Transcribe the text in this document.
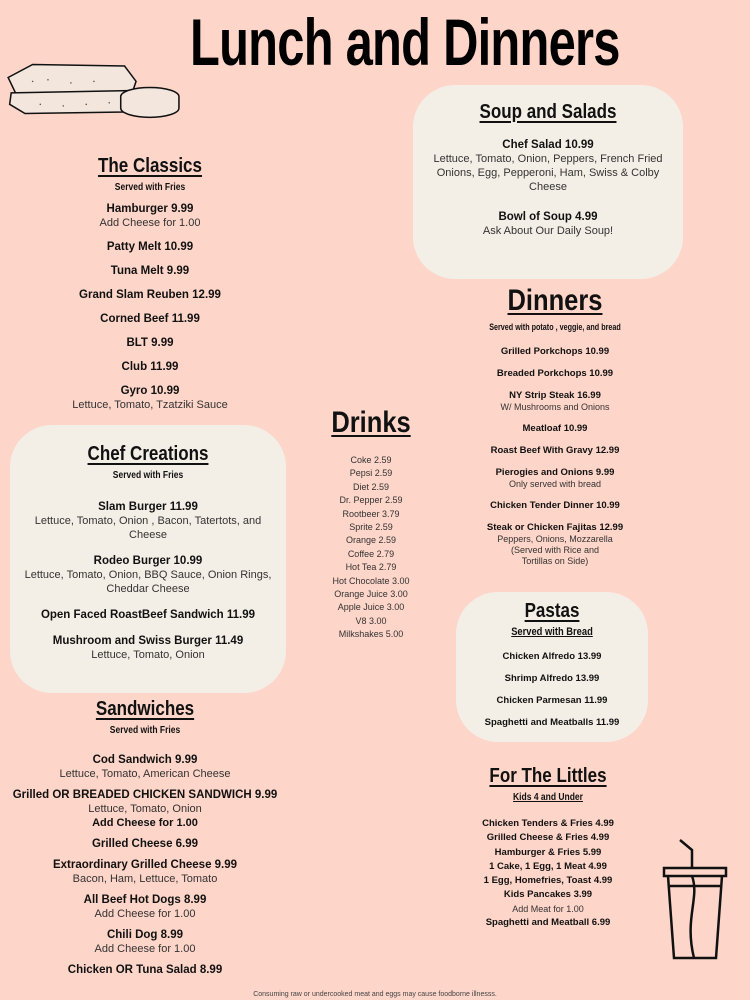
Lunch and Dinners
The Classics
Served with Fries
Hamburger 9.99
Add Cheese for 1.00
Patty Melt 10.99
Tuna Melt 9.99
Grand Slam Reuben 12.99
Corned Beef 11.99
BLT 9.99
Club 11.99
Gyro 10.99
Lettuce, Tomato, Tzatziki Sauce
Chef Creations
Served with Fries
Slam Burger 11.99
Lettuce, Tomato, Onion , Bacon, Tatertots, and Cheese
Rodeo Burger 10.99
Lettuce, Tomato, Onion, BBQ Sauce, Onion Rings, Cheddar Cheese
Open Faced RoastBeef Sandwich 11.99
Mushroom and Swiss Burger 11.49
Lettuce, Tomato, Onion
Sandwiches
Served with Fries
Cod Sandwich 9.99
Lettuce, Tomato, American Cheese
Grilled OR BREADED CHICKEN SANDWICH 9.99
Lettuce, Tomato, Onion
Add Cheese for 1.00
Grilled Cheese 6.99
Extraordinary Grilled Cheese 9.99
Bacon, Ham, Lettuce, Tomato
All Beef Hot Dogs 8.99
Add Cheese for 1.00
Chili Dog 8.99
Add Cheese for 1.00
Chicken OR Tuna Salad 8.99
Drinks
Coke 2.59
Pepsi 2.59
Diet 2.59
Dr. Pepper 2.59
Rootbeer 3.79
Sprite 2.59
Orange 2.59
Coffee 2.79
Hot Tea 2.79
Hot Chocolate 3.00
Orange Juice 3.00
Apple Juice 3.00
V8 3.00
Milkshakes 5.00
Soup and Salads
Chef Salad 10.99
Lettuce, Tomato, Onion, Peppers, French Fried Onions, Egg, Pepperoni, Ham, Swiss & Colby Cheese
Bowl of Soup 4.99
Ask About Our Daily Soup!
Dinners
Served with potato , veggie, and bread
Grilled Porkchops 10.99
Breaded Porkchops 10.99
NY Strip Steak 16.99
W/ Mushrooms and Onions
Meatloaf 10.99
Roast Beef With Gravy 12.99
Pierogies and Onions 9.99
Only served with bread
Chicken Tender Dinner 10.99
Steak or Chicken Fajitas 12.99
Peppers, Onions, Mozzarella
(Served with Rice and
Tortillas on Side)
Pastas
Served with Bread
Chicken Alfredo 13.99
Shrimp Alfredo 13.99
Chicken Parmesan 11.99
Spaghetti and Meatballs 11.99
For The Littles
Kids 4 and Under
Chicken Tenders & Fries 4.99
Grilled Cheese & Fries 4.99
Hamburger & Fries 5.99
1 Cake, 1 Egg, 1 Meat 4.99
1 Egg, Homefries, Toast 4.99
Kids Pancakes 3.99
Add Meat for 1.00
Spaghetti and Meatball 6.99
Consuming raw or undercooked meat and eggs may cause foodborne illnesss.
